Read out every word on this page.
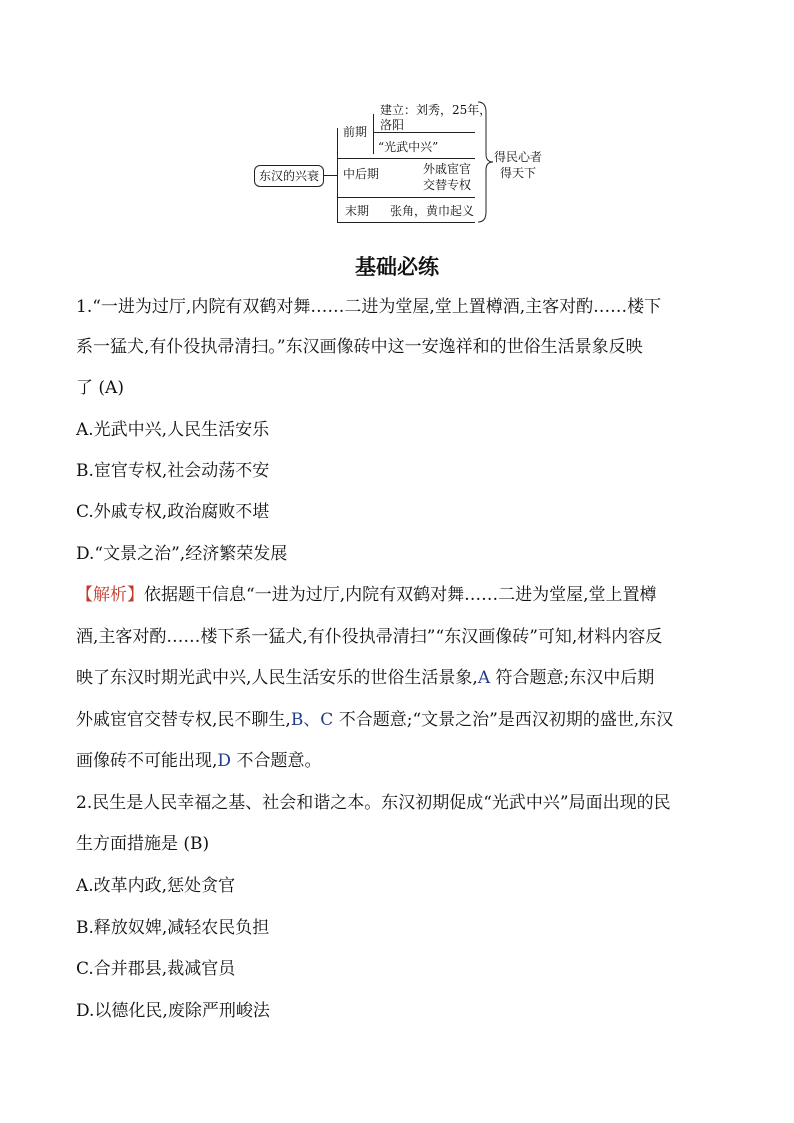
东汉的兴衰
前期
建立：刘秀，25年，
洛阳
“光武中兴”
中后期	外戚宦官
交替专权
末期 张角，黄巾起义
得民心者
得天下
基础必练
1.“一进为过厅,内院有双鹤对舞……二进为堂屋,堂上置樽酒,主客对酌……楼下
系一猛犬,有仆役执帚清扫。”东汉画像砖中这一安逸祥和的世俗生活景象反映
了 (A)
A.光武中兴,人民生活安乐
B.宦官专权,社会动荡不安
C.外戚专权,政治腐败不堪
D.“文景之治”,经济繁荣发展
【解析】依据题干信息“一进为过厅,内院有双鹤对舞……二进为堂屋,堂上置樽
酒,主客对酌……楼下系一猛犬,有仆役执帚清扫”“东汉画像砖”可知,材料内容反
映了东汉时期光武中兴,人民生活安乐的世俗生活景象,A 符合题意;东汉中后期
外戚宦官交替专权,民不聊生,B、C 不合题意;“文景之治”是西汉初期的盛世,东汉
画像砖不可能出现,D 不合题意。
2.民生是人民幸福之基、社会和谐之本。东汉初期促成“光武中兴”局面出现的民
生方面措施是 (B)
A.改革内政,惩处贪官
B.释放奴婢,减轻农民负担
C.合并郡县,裁减官员
D.以德化民,废除严刑峻法
